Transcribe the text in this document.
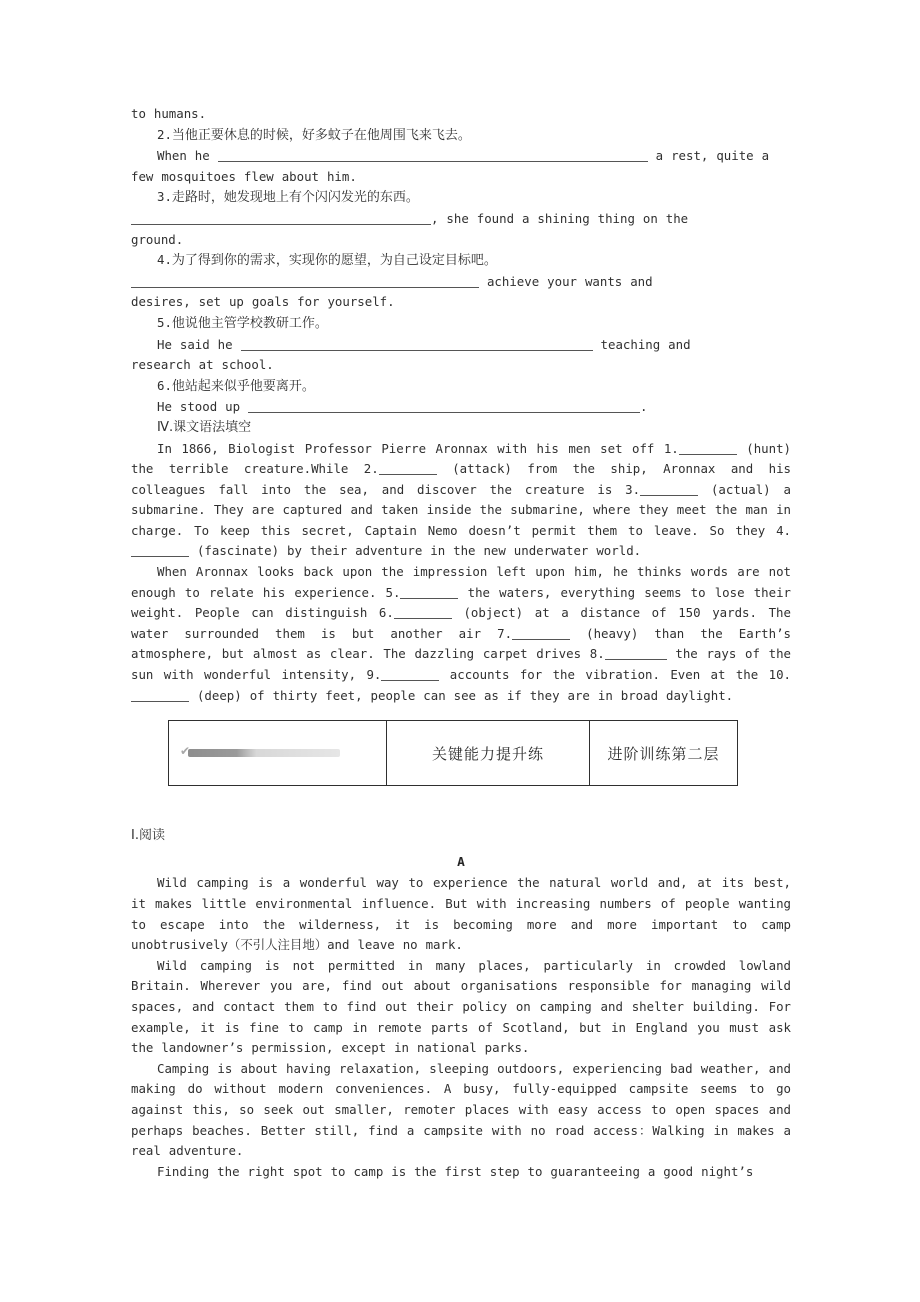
to humans.

2.当他正要休息的时候，好多蚊子在他周围飞来飞去。

When he	a rest, quite a

few mosquitoes flew about him.

3.走路时，她发现地上有个闪闪发光的东西。

, she found a shining thing on the

ground.

4.为了得到你的需求，实现你的愿望，为自己设定目标吧。

achieve your wants and

desires, set up goals for yourself.

5.他说他主管学校教研工作。

He said he	teaching and

research at school.

6.他站起来似乎他要离开。

He stood up	.

Ⅳ.课文语法填空

In 1866, Biologist Professor Pierre Aronnax with his men set off 1.	(hunt) the terrible creature.While 2.	(attack) from the ship, Aronnax and his colleagues fall into the sea, and discover the creature is 3.	(actual) a submarine. They are captured and taken inside the submarine, where they meet the man in charge. To keep this secret, Captain Nemo doesn’t permit them to leave. So they 4. (fascinate) by their adventure in the new underwater world.

When Aronnax looks back upon the impression left upon him, he thinks words are not enough to relate his experience. 5.	the waters, everything seems to lose their weight. People can distinguish 6.	(object) at a distance of 150 yards. The water surrounded them is but another air 7.	(heavy) than the Earth’s atmosphere, but almost as clear. The dazzling carpet drives 8.	the rays of the sun with wonderful intensity, 9.	accounts for the vibration. Even at the 10. (deep) of thirty feet, people can see as if they are in broad daylight.

✔	关键能力提升练	进阶训练第二层

Ⅰ.阅读

A

Wild camping is a wonderful way to experience the natural world and, at its best, it makes little environmental influence. But with increasing numbers of people wanting to escape into the wilderness, it is becoming more and more important to camp unobtrusively（不引人注目地）and leave no mark.

Wild camping is not permitted in many places, particularly in crowded lowland Britain. Wherever you are, find out about organisations responsible for managing wild spaces, and contact them to find out their policy on camping and shelter building. For example, it is fine to camp in remote parts of Scotland, but in England you must ask the landowner’s permission, except in national parks.

Camping is about having relaxation, sleeping outdoors, experiencing bad weather, and making do without modern conveniences. A busy, fully-equipped campsite seems to go against this, so seek out smaller, remoter places with easy access to open spaces and perhaps beaches. Better still, find a campsite with no road access：Walking in makes a real adventure.

Finding the right spot to camp is the first step to guaranteeing a good night’s
